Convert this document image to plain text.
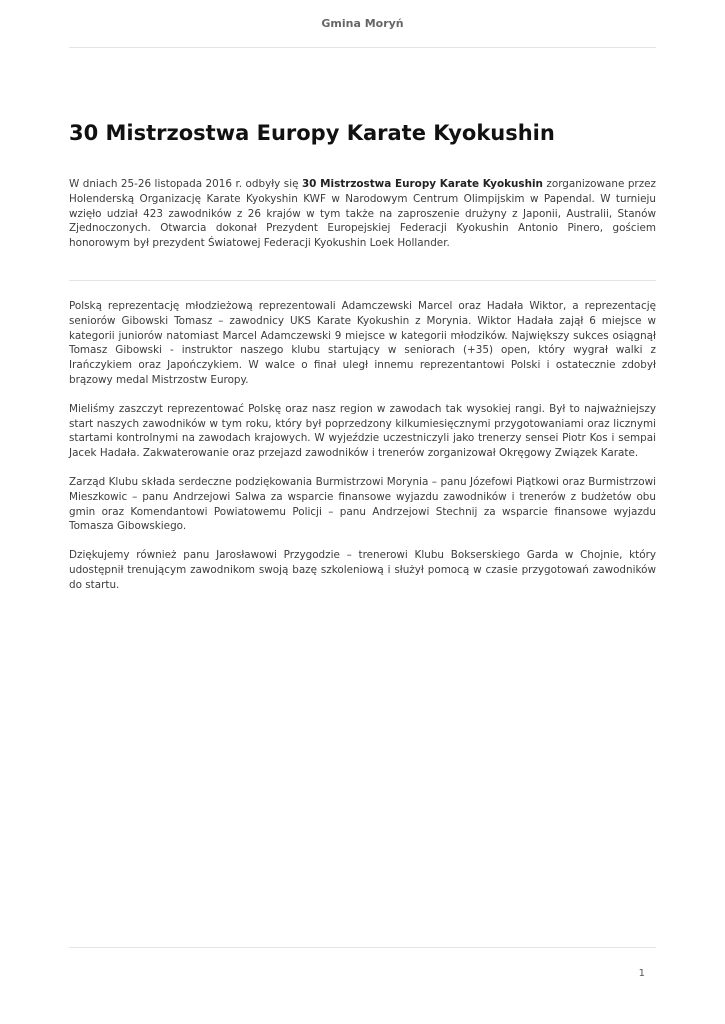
Gmina Moryń
30 Mistrzostwa Europy Karate Kyokushin

W dniach 25-26 listopada 2016 r. odbyły się 30 Mistrzostwa Europy Karate Kyokushin zorganizowane przez Holenderską Organizację Karate Kyokyshin KWF w Narodowym Centrum Olimpijskim w Papendal. W turnieju wzięło udział 423 zawodników z 26 krajów w tym także na zaproszenie drużyny z Japonii, Australii, Stanów Zjednoczonych. Otwarcia dokonał Prezydent Europejskiej Federacji Kyokushin Antonio Pinero, gościem honorowym był prezydent Światowej Federacji Kyokushin Loek Hollander.

Polską reprezentację młodzieżową reprezentowali Adamczewski Marcel oraz Hadała Wiktor, a reprezentację seniorów Gibowski Tomasz – zawodnicy UKS Karate Kyokushin z Morynia. Wiktor Hadała zajął 6 miejsce w kategorii juniorów natomiast Marcel Adamczewski 9 miejsce w kategorii młodzików. Największy sukces osiągnął Tomasz Gibowski - instruktor naszego klubu startujący w seniorach (+35) open, który wygrał walki z Irańczykiem oraz Japończykiem. W walce o finał uległ innemu reprezentantowi Polski i ostatecznie zdobył brązowy medal Mistrzostw Europy.

Mieliśmy zaszczyt reprezentować Polskę oraz nasz region w zawodach tak wysokiej rangi. Był to najważniejszy start naszych zawodników w tym roku, który był poprzedzony kilkumiesięcznymi przygotowaniami oraz licznymi startami kontrolnymi na zawodach krajowych. W wyjeździe uczestniczyli jako trenerzy sensei Piotr Kos i sempai Jacek Hadała. Zakwaterowanie oraz przejazd zawodników i trenerów zorganizował Okręgowy Związek Karate.

Zarząd Klubu składa serdeczne podziękowania Burmistrzowi Morynia – panu Józefowi Piątkowi oraz Burmistrzowi Mieszkowic – panu Andrzejowi Salwa za wsparcie finansowe wyjazdu zawodników i trenerów z budżetów obu gmin oraz Komendantowi Powiatowemu Policji – panu Andrzejowi Stechnij za wsparcie finansowe wyjazdu Tomasza Gibowskiego.

Dziękujemy również panu Jarosławowi Przygodzie – trenerowi Klubu Bokserskiego Garda w Chojnie, który udostępnił trenującym zawodnikom swoją bazę szkoleniową i służył pomocą w czasie przygotowań zawodników do startu.

1
